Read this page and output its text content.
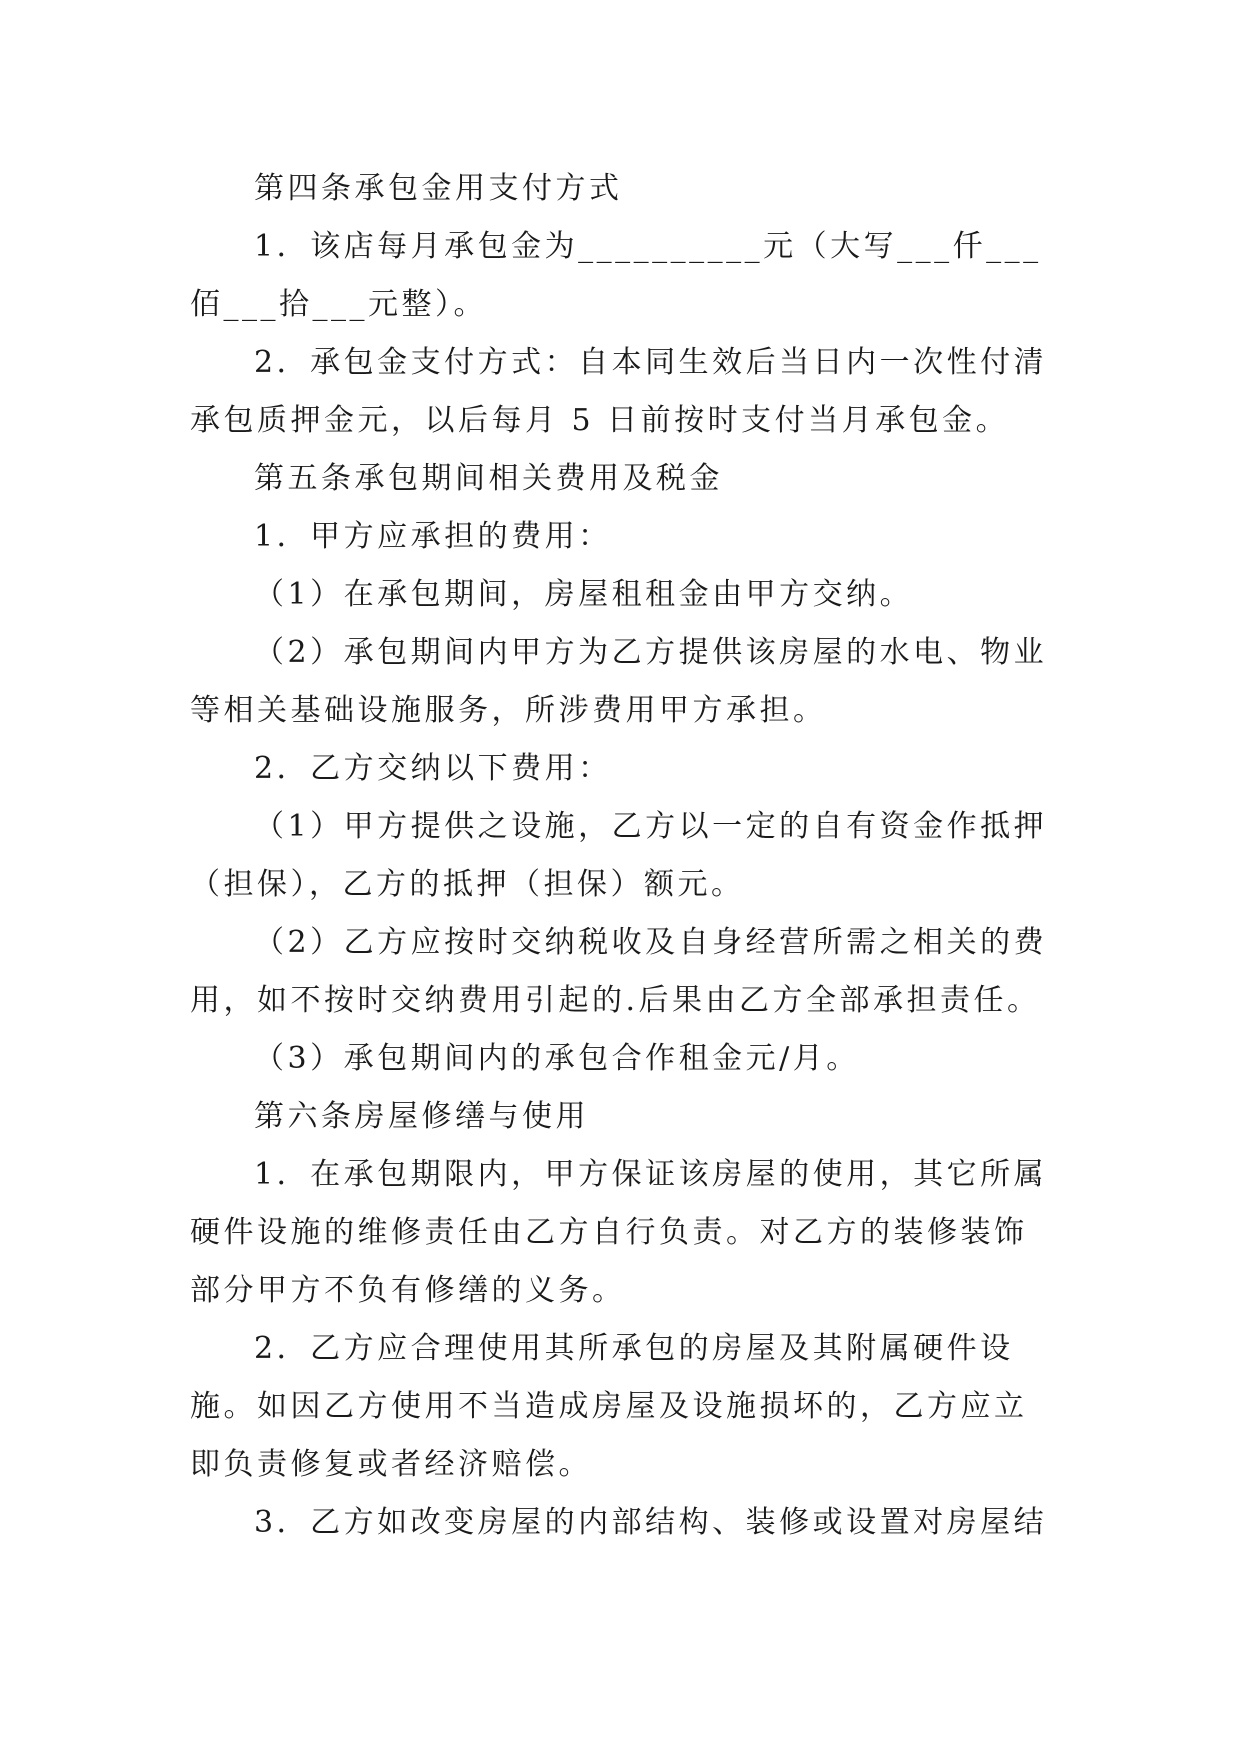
第四条承包金用支付方式

1．该店每月承包金为__________元（大写___仟___佰___拾___元整）。

2．承包金支付方式：自本同生效后当日内一次性付清承包质押金元，以后每月 5 日前按时支付当月承包金。

第五条承包期间相关费用及税金

1．甲方应承担的费用：

（1）在承包期间，房屋租租金由甲方交纳。

（2）承包期间内甲方为乙方提供该房屋的水电、物业等相关基础设施服务，所涉费用甲方承担。

2．乙方交纳以下费用：

（1）甲方提供之设施，乙方以一定的自有资金作抵押（担保），乙方的抵押（担保）额元。

（2）乙方应按时交纳税收及自身经营所需之相关的费用，如不按时交纳费用引起的.后果由乙方全部承担责任。

（3）承包期间内的承包合作租金元/月。

第六条房屋修缮与使用

1．在承包期限内，甲方保证该房屋的使用，其它所属硬件设施的维修责任由乙方自行负责。对乙方的装修装饰部分甲方不负有修缮的义务。

2．乙方应合理使用其所承包的房屋及其附属硬件设施。如因乙方使用不当造成房屋及设施损坏的，乙方应立即负责修复或者经济赔偿。

3．乙方如改变房屋的内部结构、装修或设置对房屋结
